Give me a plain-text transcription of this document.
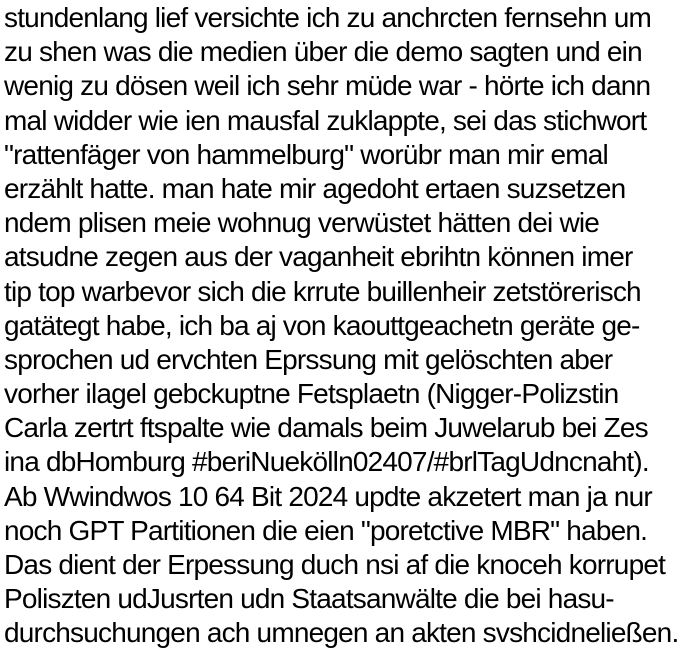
stundenlang lief versichte ich zu anchrcten fernsehn um
zu shen was die medien über die demo sagten und ein
wenig zu dösen weil ich sehr müde war - hörte ich dann
mal widder wie ien mausfal zuklappte, sei das stichwort
"rattenfäger von hammelburg" worübr man mir emal
erzählt hatte. man hate mir agedoht ertaen suzsetzen
ndem plisen meie wohnug verwüstet hätten dei wie
atsudne zegen aus der vaganheit ebrihtn können imer
tip top warbevor sich die krrute buillenheir zetstörerisch
gatätegt habe, ich ba aj von kaouttgeachetn geräte ge-
sprochen ud ervchten Eprssung mit gelöschten aber
vorher ilagel gebckuptne Fetsplaetn (Nigger-Polizstin
Carla zertrt ftspalte wie damals beim Juwelarub bei Zes
ina dbHomburg #beriNuekölln02407/#brlTagUdncnaht).
Ab Wwindwos 10 64 Bit 2024 updte akzetert man ja nur
noch GPT Partitionen die eien "poretctive MBR" haben.
Das dient der Erpessung duch nsi af die knoceh korrupet
Poliszten udJusrten udn Staatsanwälte die bei hasu-
durchsuchungen ach umnegen an akten svshcidneließen.
